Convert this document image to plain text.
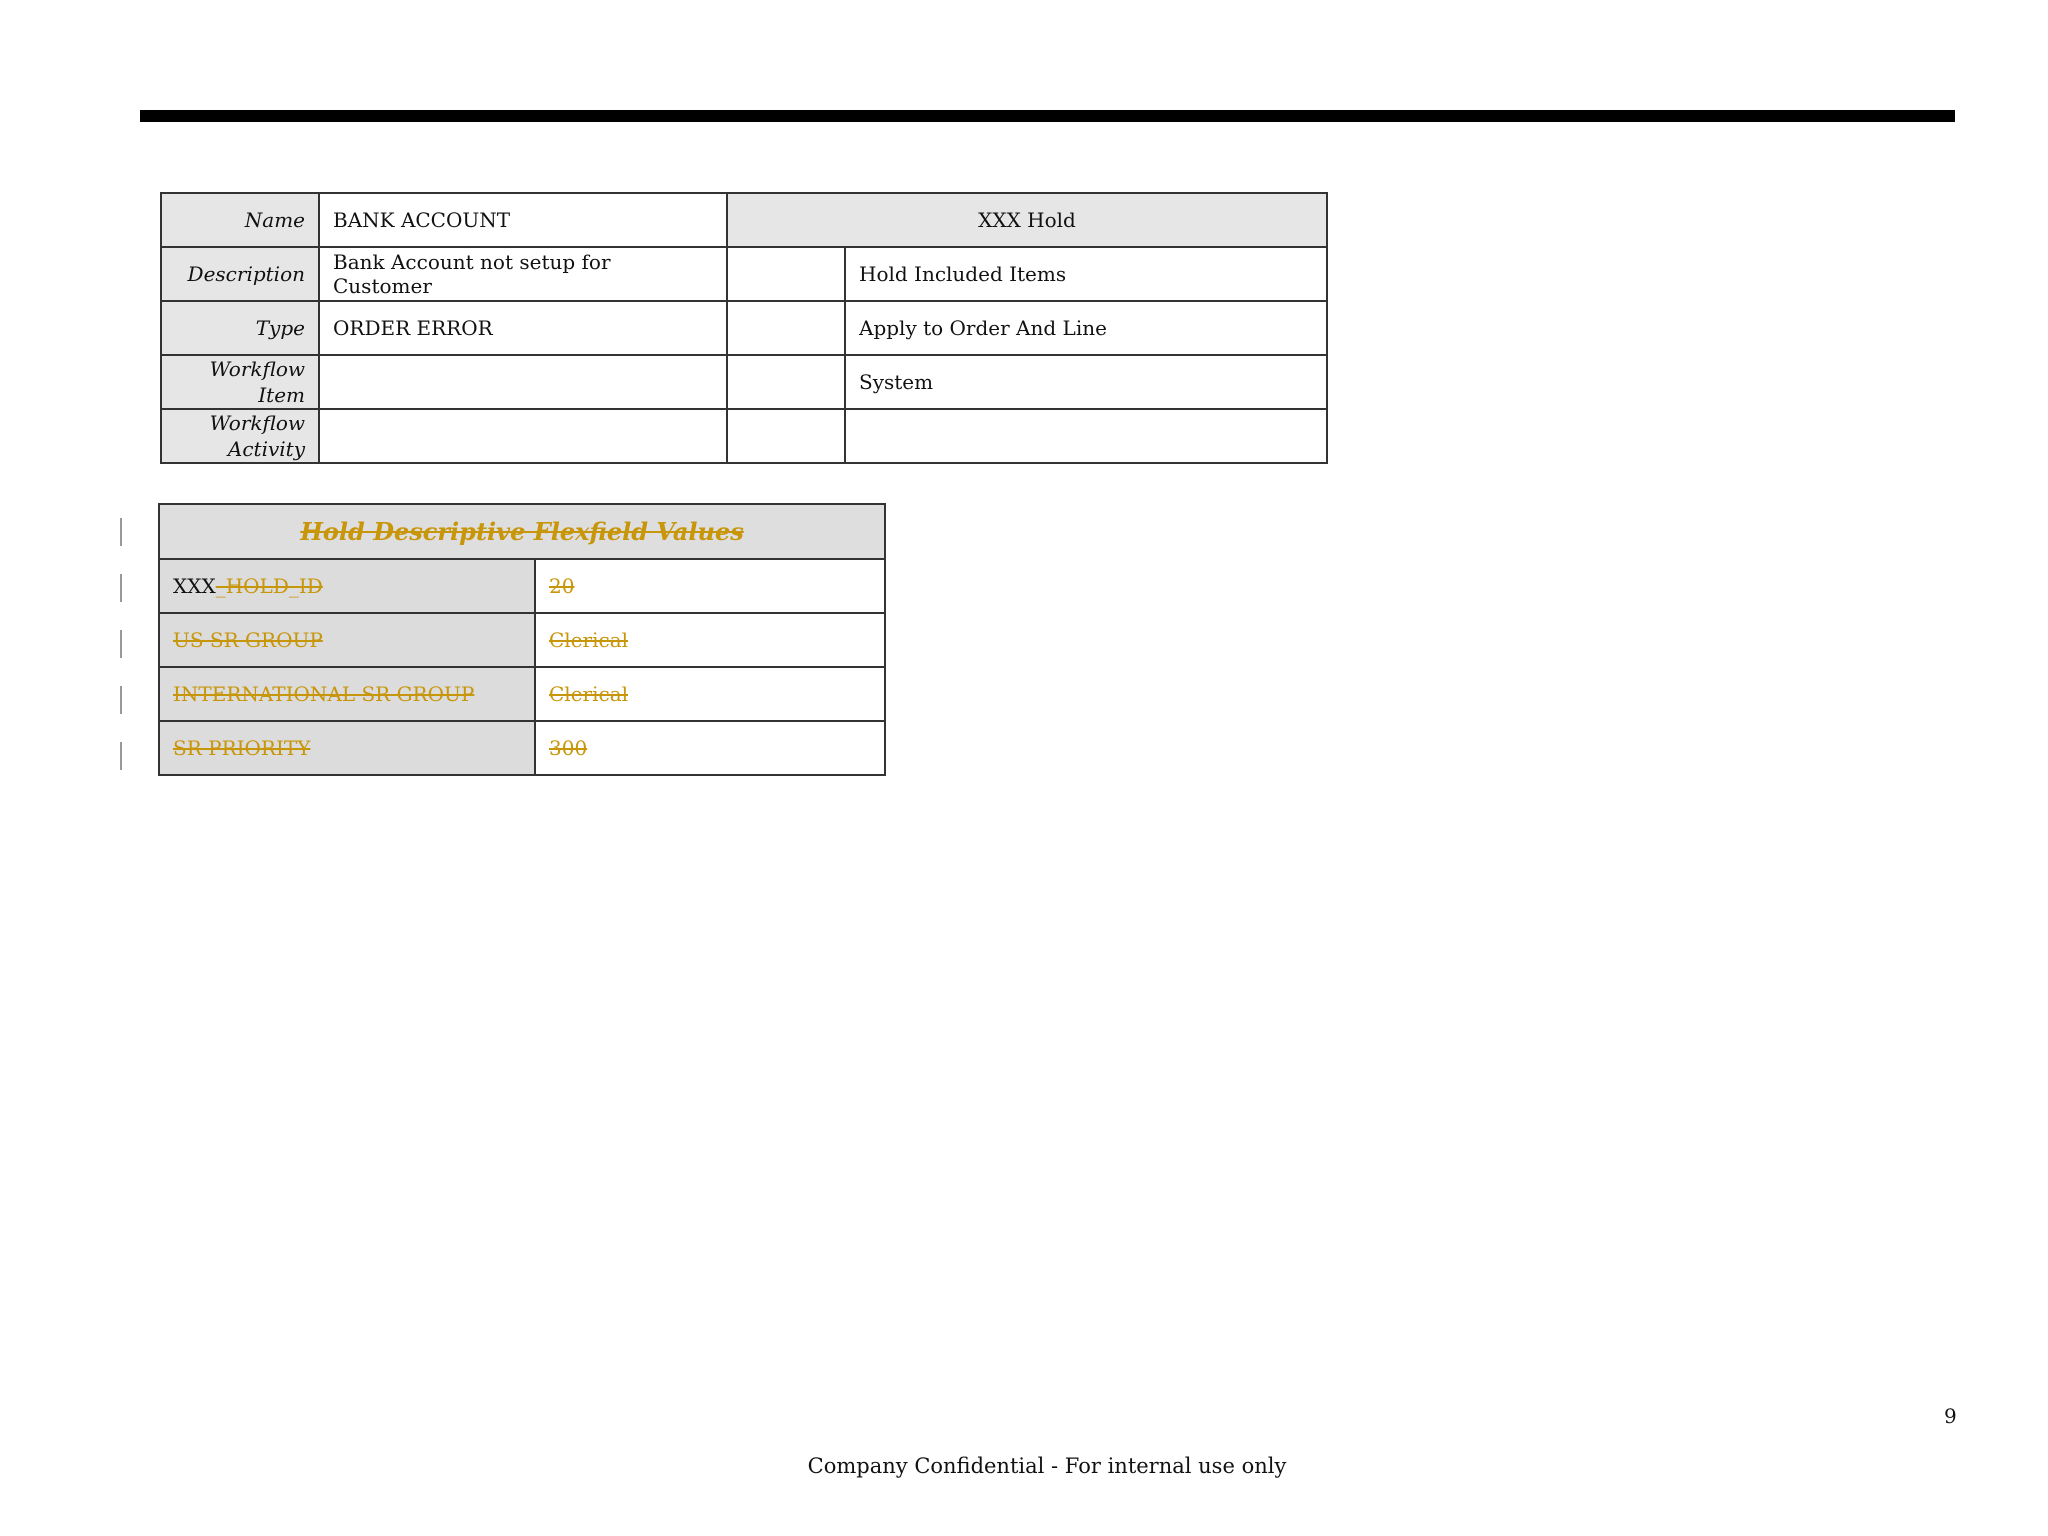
Name	BANK ACCOUNT	XXX Hold	
Description	Bank Account not setup for Customer		Hold Included Items
Type	ORDER ERROR		Apply to Order And Line
Workflow Item			System
Workflow Activity			
Hold Descriptive Flexfield Values	
XXX_HOLD_ID	20
US SR GROUP	Clerical
INTERNATIONAL SR GROUP	Clerical
SR PRIORITY	300
9
Company Confidential - For internal use only
